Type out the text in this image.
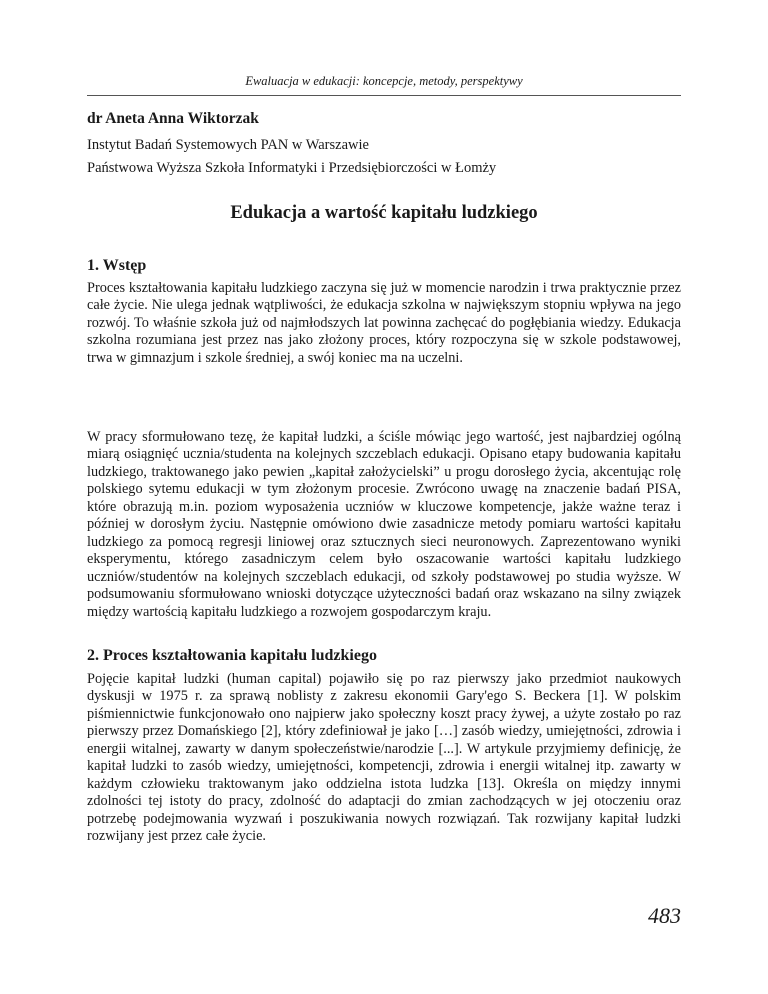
Ewaluacja w edukacji: koncepcje, metody, perspektywy
dr Aneta Anna Wiktorzak
Instytut Badań Systemowych PAN w Warszawie
Państwowa Wyższa Szkoła Informatyki i Przedsiębiorczości w Łomży
Edukacja a wartość kapitału ludzkiego
1. Wstęp
Proces kształtowania kapitału ludzkiego zaczyna się już w momencie narodzin i trwa praktycznie przez całe życie. Nie ulega jednak wątpliwości, że edukacja szkolna w największym stopniu wpływa na jego rozwój. To właśnie szkoła już od najmłodszych lat powinna zachęcać do pogłębiania wiedzy. Edukacja szkolna rozumiana jest przez nas jako złożony proces, który rozpoczyna się w szkole podstawowej, trwa w gimnazjum i szkole średniej, a swój koniec ma na uczelni.
W pracy sformułowano tezę, że kapitał ludzki, a ściśle mówiąc jego wartość, jest najbardziej ogólną miarą osiągnięć ucznia/studenta na kolejnych szczeblach edukacji. Opisano etapy budowania kapitału ludzkiego, traktowanego jako pewien „kapitał założycielski” u progu dorosłego życia, akcentując rolę polskiego sytemu edukacji w tym złożonym procesie. Zwrócono uwagę na znaczenie badań PISA, które obrazują m.in. poziom wyposażenia uczniów w kluczowe kompetencje, jakże ważne teraz i później w dorosłym życiu. Następnie omówiono dwie zasadnicze metody pomiaru wartości kapitału ludzkiego za pomocą regresji liniowej oraz sztucznych sieci neuronowych. Zaprezentowano wyniki eksperymentu, którego zasadniczym celem było oszacowanie wartości kapitału ludzkiego uczniów/studentów na kolejnych szczeblach edukacji, od szkoły podstawowej po studia wyższe. W podsumowaniu sformułowano wnioski dotyczące użyteczności badań oraz wskazano na silny związek między wartością kapitału ludzkiego a rozwojem gospodarczym kraju.
2. Proces kształtowania kapitału ludzkiego
Pojęcie kapitał ludzki (human capital) pojawiło się po raz pierwszy jako przedmiot naukowych dyskusji w 1975 r. za sprawą noblisty z zakresu ekonomii Gary'ego S. Beckera [1]. W polskim piśmiennictwie funkcjonowało ono najpierw jako społeczny koszt pracy żywej, a użyte zostało po raz pierwszy przez Domańskiego [2], który zdefiniował je jako […] zasób wiedzy, umiejętności, zdrowia i energii witalnej, zawarty w danym społeczeństwie/narodzie [...]. W artykule przyjmiemy definicję, że kapitał ludzki to zasób wiedzy, umiejętności, kompetencji, zdrowia i energii witalnej itp. zawarty w każdym człowieku traktowanym jako oddzielna istota ludzka [13]. Określa on między innymi zdolności tej istoty do pracy, zdolność do adaptacji do zmian zachodzących w jej otoczeniu oraz potrzebę podejmowania wyzwań i poszukiwania nowych rozwiązań. Tak rozwijany kapitał ludzki rozwijany jest przez całe życie.
483
